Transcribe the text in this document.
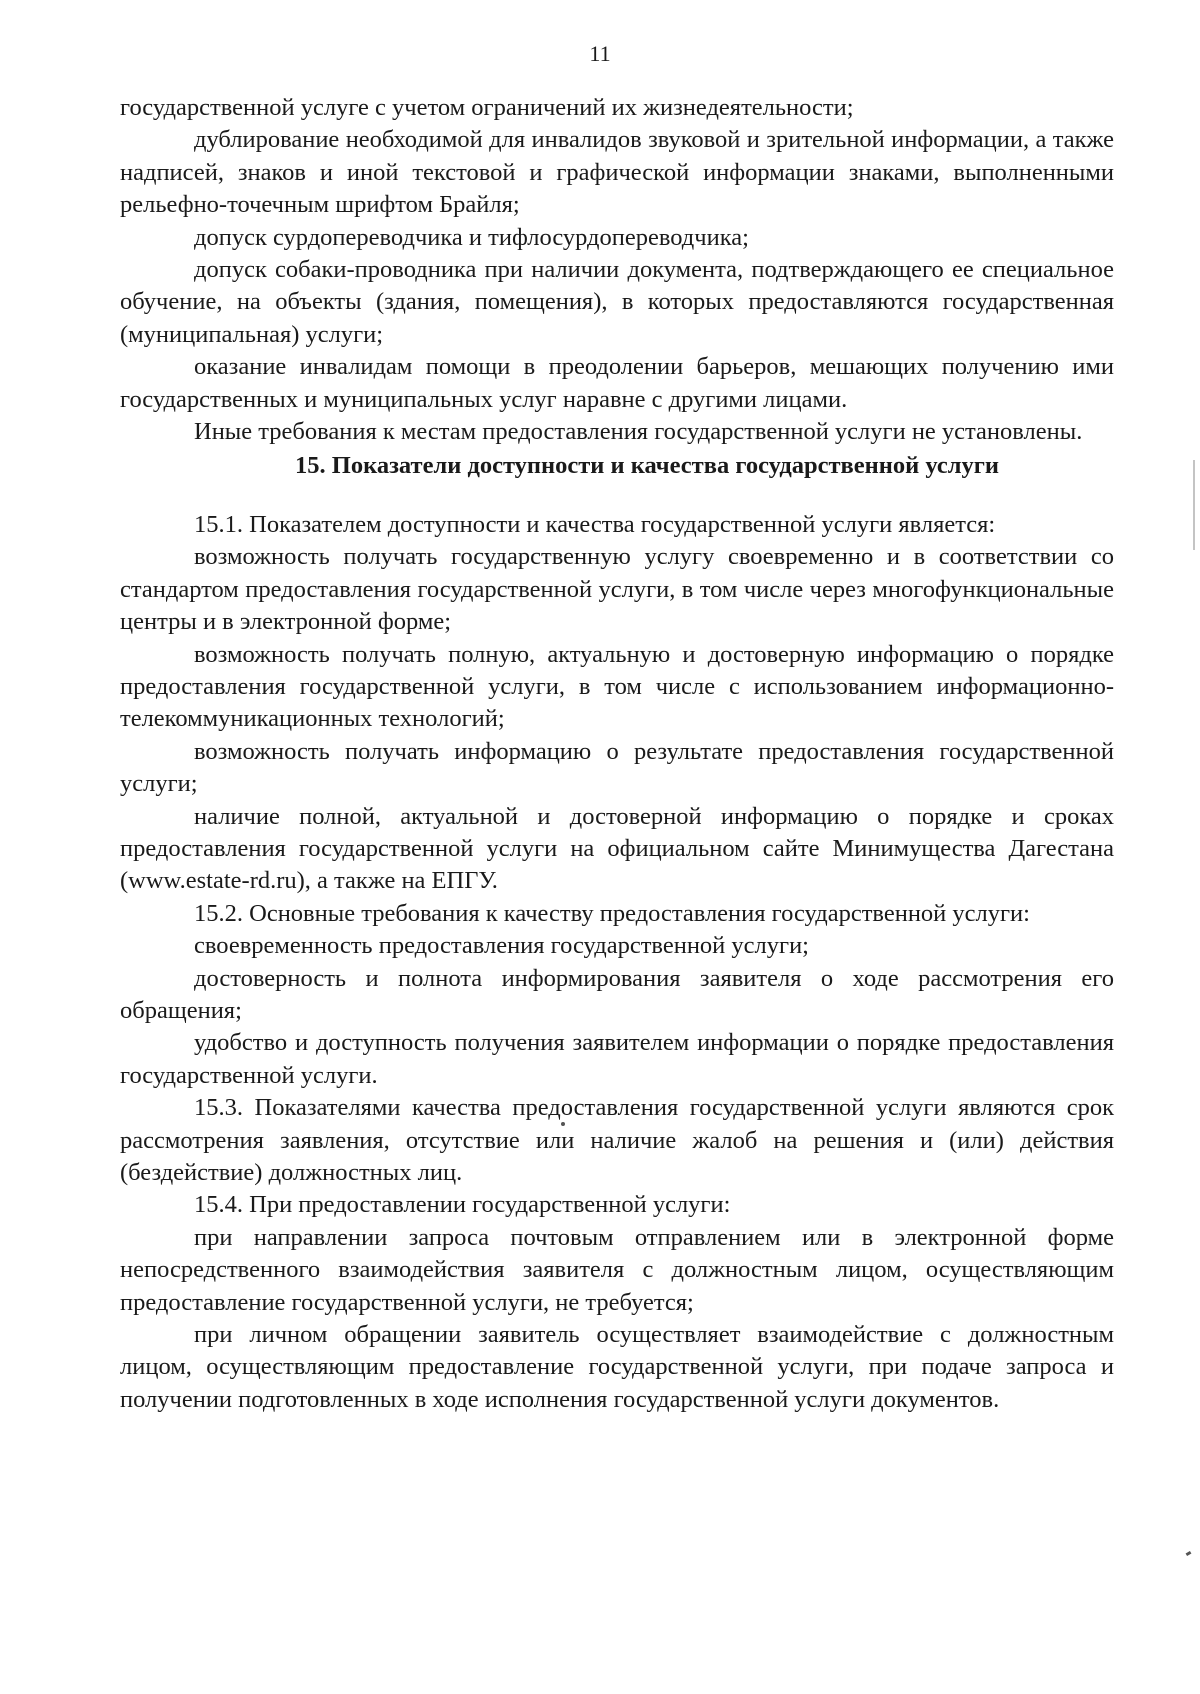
11

государственной услуге с учетом ограничений их жизнедеятельности;

дублирование необходимой для инвалидов звуковой и зрительной информации, а также надписей, знаков и иной текстовой и графической информации знаками, выполненными рельефно-точечным шрифтом Брайля;

допуск сурдопереводчика и тифлосурдопереводчика;

допуск собаки-проводника при наличии документа, подтверждающего ее специальное обучение, на объекты (здания, помещения), в которых предоставляются государственная (муниципальная) услуги;

оказание инвалидам помощи в преодолении барьеров, мешающих получению ими государственных и муниципальных услуг наравне с другими лицами.

Иные требования к местам предоставления государственной услуги не установлены.

15. Показатели доступности и качества государственной услуги

15.1. Показателем доступности и качества государственной услуги является:

возможность получать государственную услугу своевременно и в соответствии со стандартом предоставления государственной услуги, в том числе через многофункциональные центры и в электронной форме;

возможность получать полную, актуальную и достоверную информацию о порядке предоставления государственной услуги, в том числе с использованием информационно-телекоммуникационных технологий;

возможность получать информацию о результате предоставления государственной услуги;

наличие полной, актуальной и достоверной информацию о порядке и сроках предоставления государственной услуги на официальном сайте Минимущества Дагестана (www.estate-rd.ru), а также на ЕПГУ.

15.2. Основные требования к качеству предоставления государственной услуги:

своевременность предоставления государственной услуги;

достоверность и полнота информирования заявителя о ходе рассмотрения его обращения;

удобство и доступность получения заявителем информации о порядке предоставления государственной услуги.

15.3. Показателями качества предоставления государственной услуги являются срок рассмотрения заявления, отсутствие или наличие жалоб на решения и (или) действия (бездействие) должностных лиц.

15.4. При предоставлении государственной услуги:

при направлении запроса почтовым отправлением или в электронной форме непосредственного взаимодействия заявителя с должностным лицом, осуществляющим предоставление государственной услуги, не требуется;

при личном обращении заявитель осуществляет взаимодействие с должностным лицом, осуществляющим предоставление государственной услуги, при подаче запроса и получении подготовленных в ходе исполнения государственной услуги документов.
